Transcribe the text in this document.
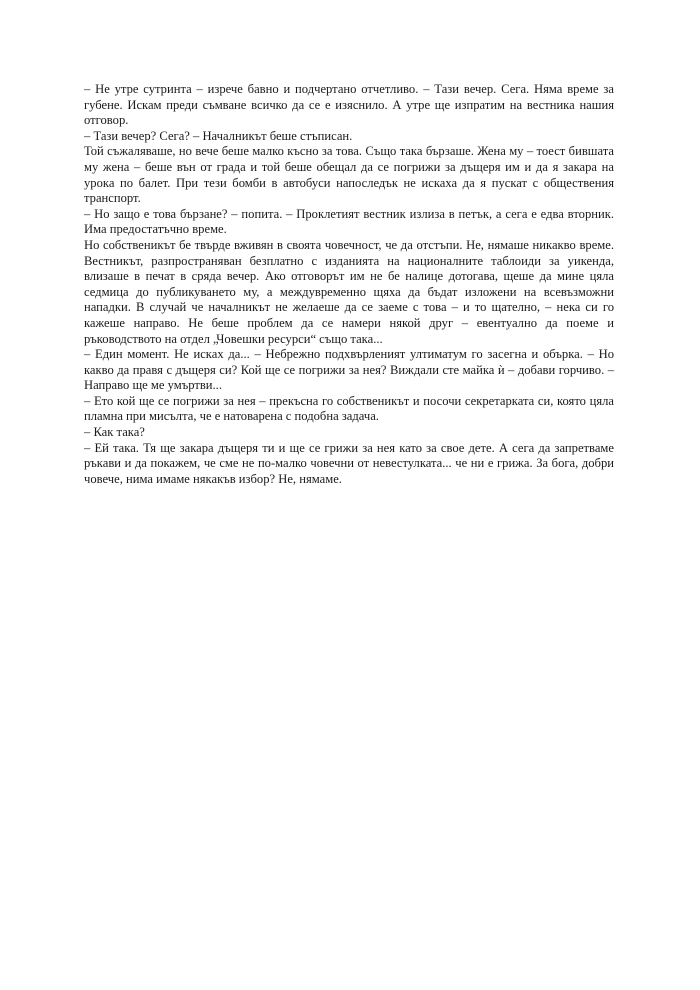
– Не утре сутринта – изрече бавно и подчертано отчетливо. – Тази вечер. Сега. Няма време за губене. Искам преди съмване всичко да се е изяснило. А утре ще изпратим на вестника нашия отговор.

– Тази вечер? Сега? – Началникът беше стъписан.

Той съжаляваше, но вече беше малко късно за това. Също така бързаше. Жена му – тоест бившата му жена – беше вън от града и той беше обещал да се погрижи за дъщеря им и да я закара на урока по балет. При тези бомби в автобуси напоследък не искаха да я пускат с обществения транспорт.

– Но защо е това бързане? – попита. – Проклетият вестник излиза в петък, а сега е едва вторник. Има предостатъчно време.

Но собственикът бе твърде вживян в своята човечност, че да отстъпи. Не, нямаше никакво време. Вестникът, разпространяван безплатно с изданията на националните таблоиди за уикенда, влизаше в печат в сряда вечер. Ако отговорът им не бе налице дотогава, щеше да мине цяла седмица до публикуването му, а междувременно щяха да бъдат изложени на всевъзможни нападки. В случай че началникът не желаеше да се заеме с това – и то щателно, – нека си го кажеше направо. Не беше проблем да се намери някой друг – евентуално да поеме и ръководството на отдел „Човешки ресурси“ също така...

– Един момент. Не исках да... – Небрежно подхвърленият ултиматум го засегна и обърка. – Но какво да правя с дъщеря си? Кой ще се погрижи за нея? Виждали сте майка ѝ – добави горчиво. – Направо ще ме умъртви...

– Ето кой ще се погрижи за нея – прекъсна го собственикът и посочи секретарката си, която цяла пламна при мисълта, че е натоварена с подобна задача.

– Как така?

– Ей така. Тя ще закара дъщеря ти и ще се грижи за нея като за свое дете. А сега да запретваме ръкави и да покажем, че сме не по-малко човечни от невестулката... че ни е грижа. За бога, добри човече, нима имаме някакъв избор? Не, нямаме.
